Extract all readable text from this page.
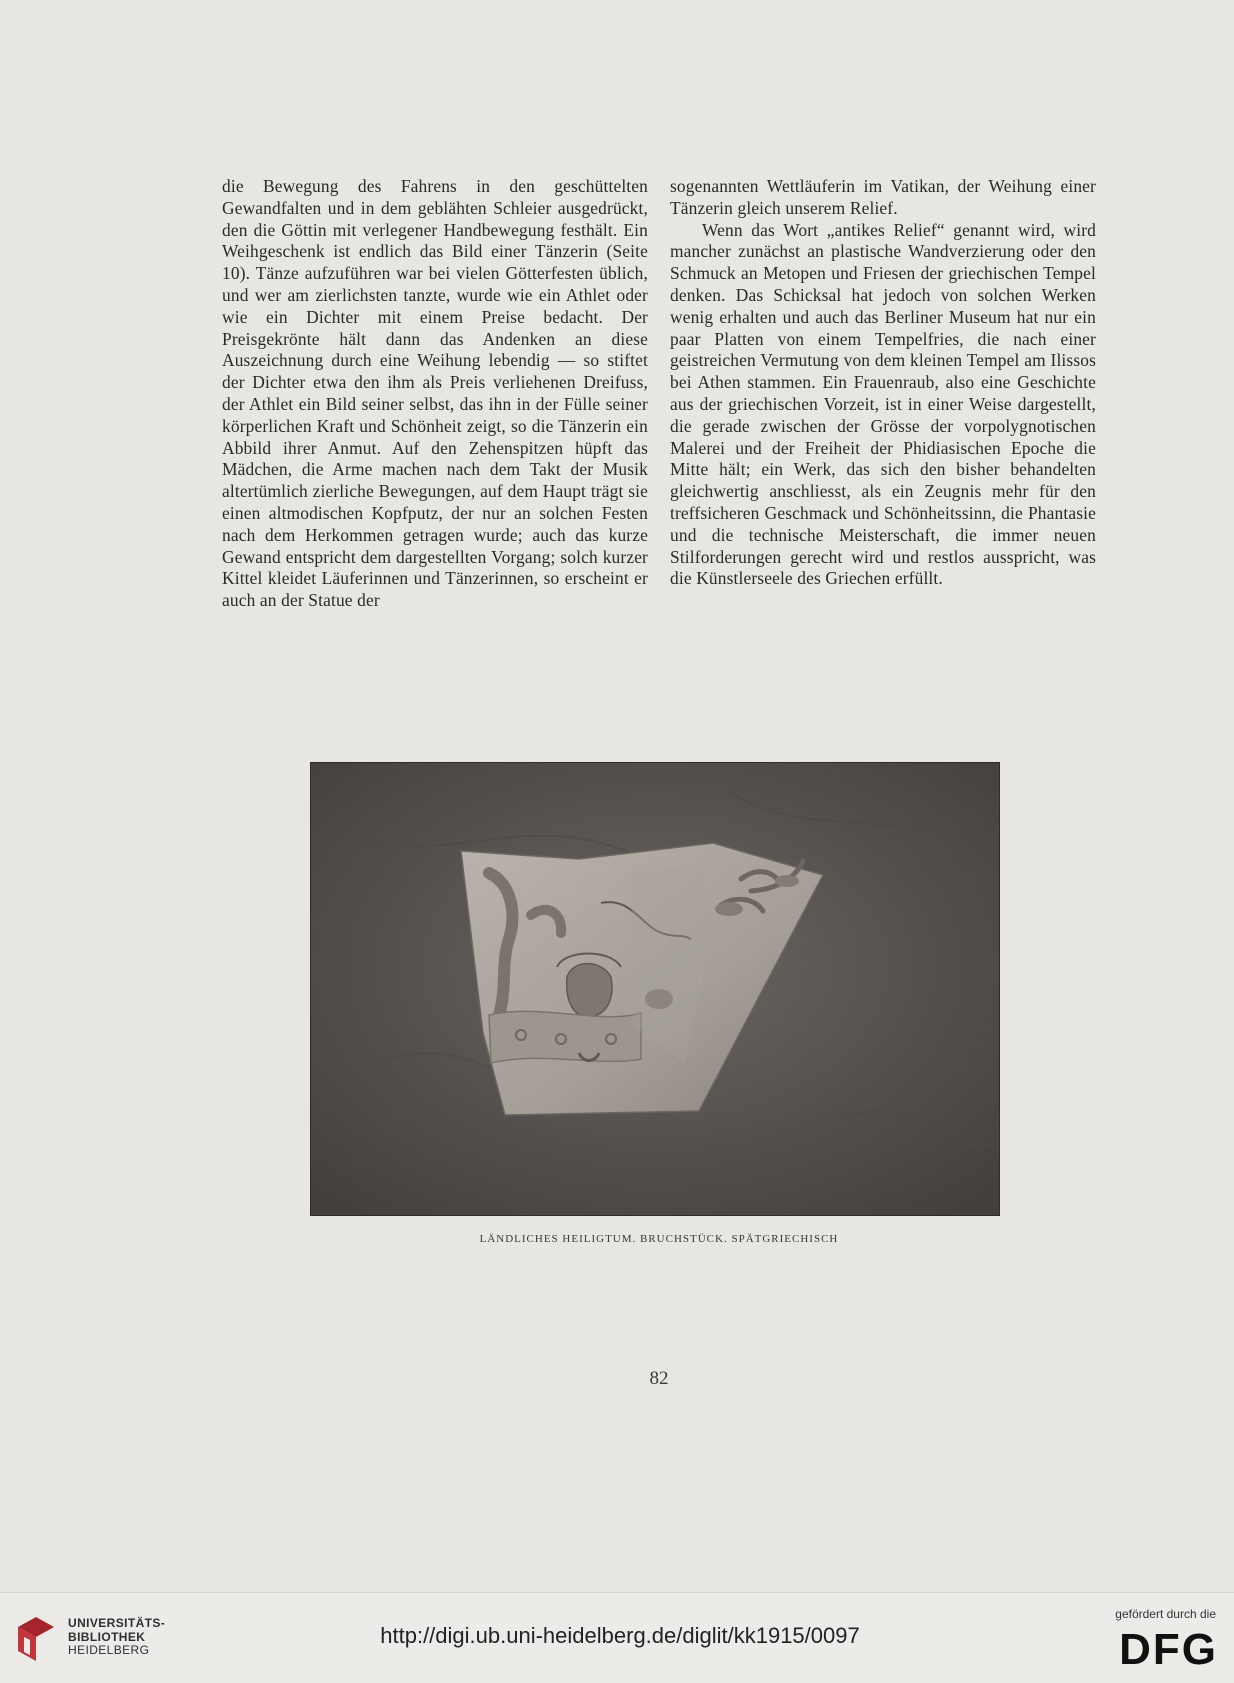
die Bewegung des Fahrens in den geschüttelten Gewandfalten und in dem geblähten Schleier ausgedrückt, den die Göttin mit verlegener Handbewegung festhält. Ein Weihgeschenk ist endlich das Bild einer Tänzerin (Seite 10). Tänze aufzuführen war bei vielen Götterfesten üblich, und wer am zierlichsten tanzte, wurde wie ein Athlet oder wie ein Dichter mit einem Preise bedacht. Der Preisgekrönte hält dann das Andenken an diese Auszeichnung durch eine Weihung lebendig — so stiftet der Dichter etwa den ihm als Preis verliehenen Dreifuss, der Athlet ein Bild seiner selbst, das ihn in der Fülle seiner körperlichen Kraft und Schönheit zeigt, so die Tänzerin ein Abbild ihrer Anmut. Auf den Zehenspitzen hüpft das Mädchen, die Arme machen nach dem Takt der Musik altertümlich zierliche Bewegungen, auf dem Haupt trägt sie einen altmodischen Kopfputz, der nur an solchen Festen nach dem Herkommen getragen wurde; auch das kurze Gewand entspricht dem dargestellten Vorgang; solch kurzer Kittel kleidet Läuferinnen und Tänzerinnen, so erscheint er auch an der Statue der

sogenannten Wettläuferin im Vatikan, der Weihung einer Tänzerin gleich unserem Relief.

Wenn das Wort „antikes Relief“ genannt wird, wird mancher zunächst an plastische Wandverzierung oder den Schmuck an Metopen und Friesen der griechischen Tempel denken. Das Schicksal hat jedoch von solchen Werken wenig erhalten und auch das Berliner Museum hat nur ein paar Platten von einem Tempelfries, die nach einer geistreichen Vermutung von dem kleinen Tempel am Ilissos bei Athen stammen. Ein Frauenraub, also eine Geschichte aus der griechischen Vorzeit, ist in einer Weise dargestellt, die gerade zwischen der Grösse der vorpolygnotischen Malerei und der Freiheit der Phidiasischen Epoche die Mitte hält; ein Werk, das sich den bisher behandelten gleichwertig anschliesst, als ein Zeugnis mehr für den treffsicheren Geschmack und Schönheitssinn, die Phantasie und die technische Meisterschaft, die immer neuen Stilforderungen gerecht wird und restlos ausspricht, was die Künstlerseele des Griechen erfüllt.

LÄNDLICHES HEILIGTUM. BRUCHSTÜCK. SPÄTGRIECHISCH
82
UNIVERSITÄTS-
BIBLIOTHEK
HEIDELBERG
http://digi.ub.uni-heidelberg.de/diglit/kk1915/0097
gefördert durch die
DFG
